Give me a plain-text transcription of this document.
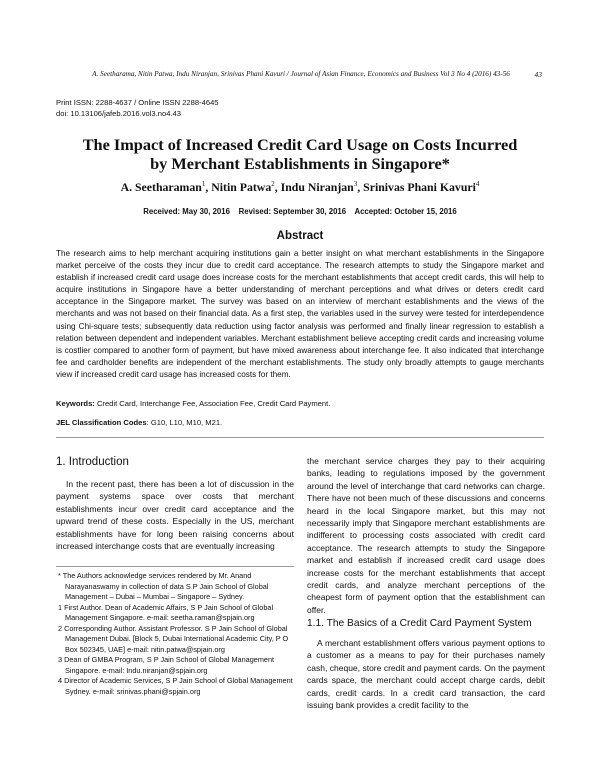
A. Seetharama, Nitin Patwa, Indu Niranjan, Srinivas Phani Kavuri / Journal of Asian Finance, Economics and Business Vol 3 No 4 (2016) 43-56	43
Print ISSN: 2288-4637 / Online ISSN 2288-4645
doi: 10.13106/jafeb.2016.vol3.no4.43
The Impact of Increased Credit Card Usage on Costs Incurred
by Merchant Establishments in Singapore*
A. Seetharaman$^1$, Nitin Patwa$^2$, Indu Niranjan$^3$, Srinivas Phani Kavuri$^4$
Received: May 30, 2016    Revised: September 30, 2016    Accepted: October 15, 2016
Abstract
The research aims to help merchant acquiring institutions gain a better insight on what merchant establishments in the Singapore market perceive of the costs they incur due to credit card acceptance. The research attempts to study the Singapore market and establish if increased credit card usage does increase costs for the merchant establishments that accept credit cards, this will help to acquire institutions in Singapore have a better understanding of merchant perceptions and what drives or deters credit card acceptance in the Singapore market. The survey was based on an interview of merchant establishments and the views of the merchants and was not based on their financial data. As a first step, the variables used in the survey were tested for interdependence using Chi-square tests; subsequently data reduction using factor analysis was performed and finally linear regression to establish a relation between dependent and independent variables. Merchant establishment believe accepting credit cards and increasing volume is costlier compared to another form of payment, but have mixed awareness about interchange fee. It also indicated that interchange fee and cardholder benefits are independent of the merchant establishments. The study only broadly attempts to gauge merchants view if increased credit card usage has increased costs for them.
Keywords: Credit Card, Interchange Fee, Association Fee, Credit Card Payment.
JEL Classification Codes: G10, L10, M10, M21.
1. Introduction
In the recent past, there has been a lot of discussion in the payment systems space over costs that merchant establishments incur over credit card acceptance and the upward trend of these costs. Especially in the US, merchant establishments have for long been raising concerns about increased interchange costs that are eventually increasing

* The Authors acknowledge services rendered by Mr. Anand Narayanaswamy in collection of data S P Jain School of Global Management – Dubai – Mumbai – Singapore – Sydney.

1 First Author. Dean of Academic Affairs, S P Jain School of Global Management Singapore. e-mail: seetha.raman@spjain.org

2 Corresponding Author. Assistant Professor. S P Jain School of Global Management Dubai. [Block 5, Dubai International Academic City, P O Box 502345, UAE] e-mail: nitin.patwa@spjain.org

3 Dean of GMBA Program, S P Jain School of Global Management Singapore. e-mail: Indu.niranjan@spjain.org

4 Director of Academic Services, S P Jain School of Global Management Sydney. e-mail: srinivas.phani@spjain.org

the merchant service charges they pay to their acquiring banks, leading to regulations imposed by the government around the level of interchange that card networks can charge. There have not been much of these discussions and concerns heard in the local Singapore market, but this may not necessarily imply that Singapore merchant establishments are indifferent to processing costs associated with credit card acceptance. The research attempts to study the Singapore market and establish if increased credit card usage does increase costs for the merchant establishments that accept credit cards, and analyze merchant perceptions of the cheapest form of payment option that the establishment can offer.
1.1. The Basics of a Credit Card Payment System
A merchant establishment offers various payment options to a customer as a means to pay for their purchases namely cash, cheque, store credit and payment cards. On the payment cards space, the merchant could accept charge cards, debit cards, credit cards. In a credit card transaction, the card issuing bank provides a credit facility to the
